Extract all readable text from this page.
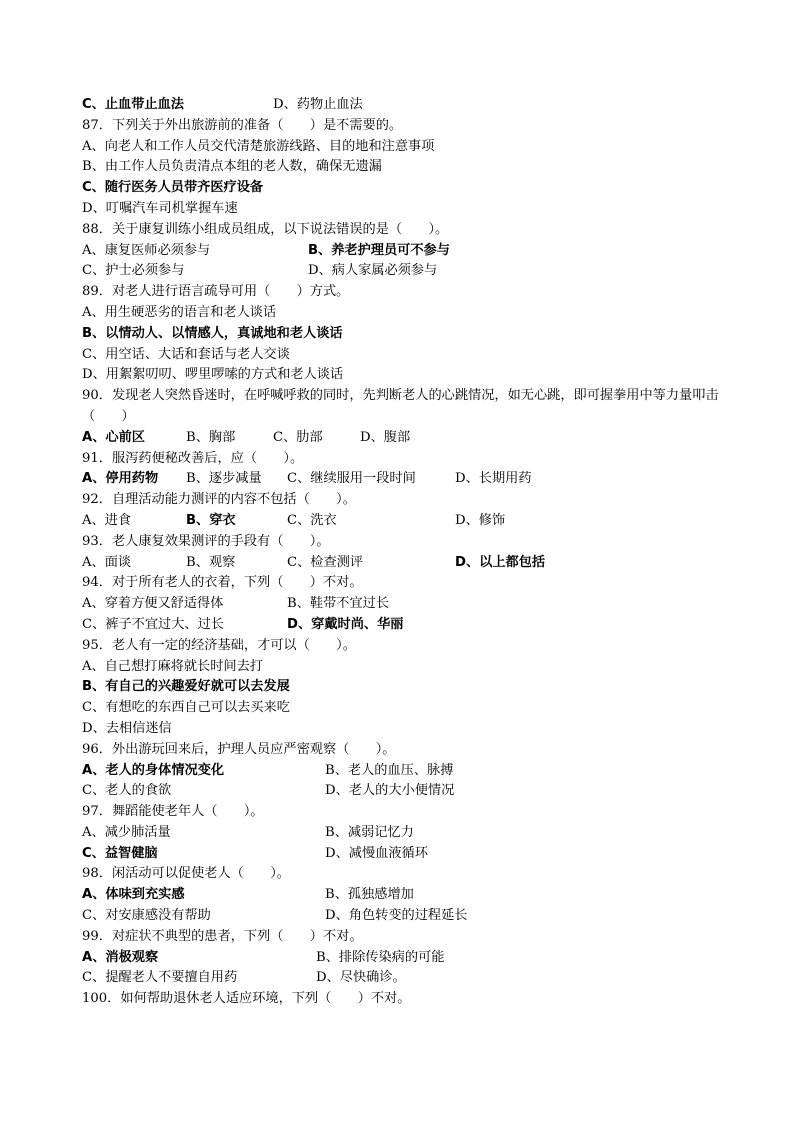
C、止血带止血法	D、药物止血法
87．下列关于外出旅游前的准备（　　）是不需要的。
A、向老人和工作人员交代清楚旅游线路、目的地和注意事项
B、由工作人员负责清点本组的老人数，确保无遗漏
C、随行医务人员带齐医疗设备
D、叮嘱汽车司机掌握车速
88．关于康复训练小组成员组成，以下说法错误的是（　　）。
A、康复医师必须参与	B、养老护理员可不参与
C、护士必须参与	D、病人家属必须参与
89．对老人进行语言疏导可用（　　）方式。
A、用生硬恶劣的语言和老人谈话
B、以情动人、以情感人，真诚地和老人谈话
C、用空话、大话和套话与老人交谈
D、用絮絮叨叨、啰里啰嗦的方式和老人谈话
90．发现老人突然昏迷时，在呼喊呼救的同时，先判断老人的心跳情况，如无心跳，即可握拳用中等力量叩击（　　）
A、心前区	B、胸部	C、肋部	D、腹部
91．服泻药便秘改善后，应（　　）。
A、停用药物 B、逐步减量 C、继续服用一段时间	D、长期用药
92．自理活动能力测评的内容不包括（　　）。
A、进食	B、穿衣	C、洗衣	D、修饰
93．老人康复效果测评的手段有（　　）。
A、面谈	B、观察	C、检查测评	D、以上都包括
94．对于所有老人的衣着，下列（　　）不对。
A、穿着方便又舒适得体	B、鞋带不宜过长
C、裤子不宜过大、过长	D、穿戴时尚、华丽
95．老人有一定的经济基础，才可以（　　）。
A、自己想打麻将就长时间去打
B、有自己的兴趣爱好就可以去发展
C、有想吃的东西自己可以去买来吃
D、去相信迷信
96．外出游玩回来后，护理人员应严密观察（　　）。
A、老人的身体情况变化	B、老人的血压、脉搏
C、老人的食欲	D、老人的大小便情况
97．舞蹈能使老年人（　　）。
A、减少肺活量	B、减弱记忆力
C、益智健脑	D、减慢血液循环
98．闲活动可以促使老人（　　）。
A、体味到充实感	B、孤独感增加
C、对安康感没有帮助	D、角色转变的过程延长
99．对症状不典型的患者，下列（　　）不对。
A、消极观察	B、排除传染病的可能
C、提醒老人不要擅自用药	D、尽快确诊。
100．如何帮助退休老人适应环境，下列（　　）不对。
